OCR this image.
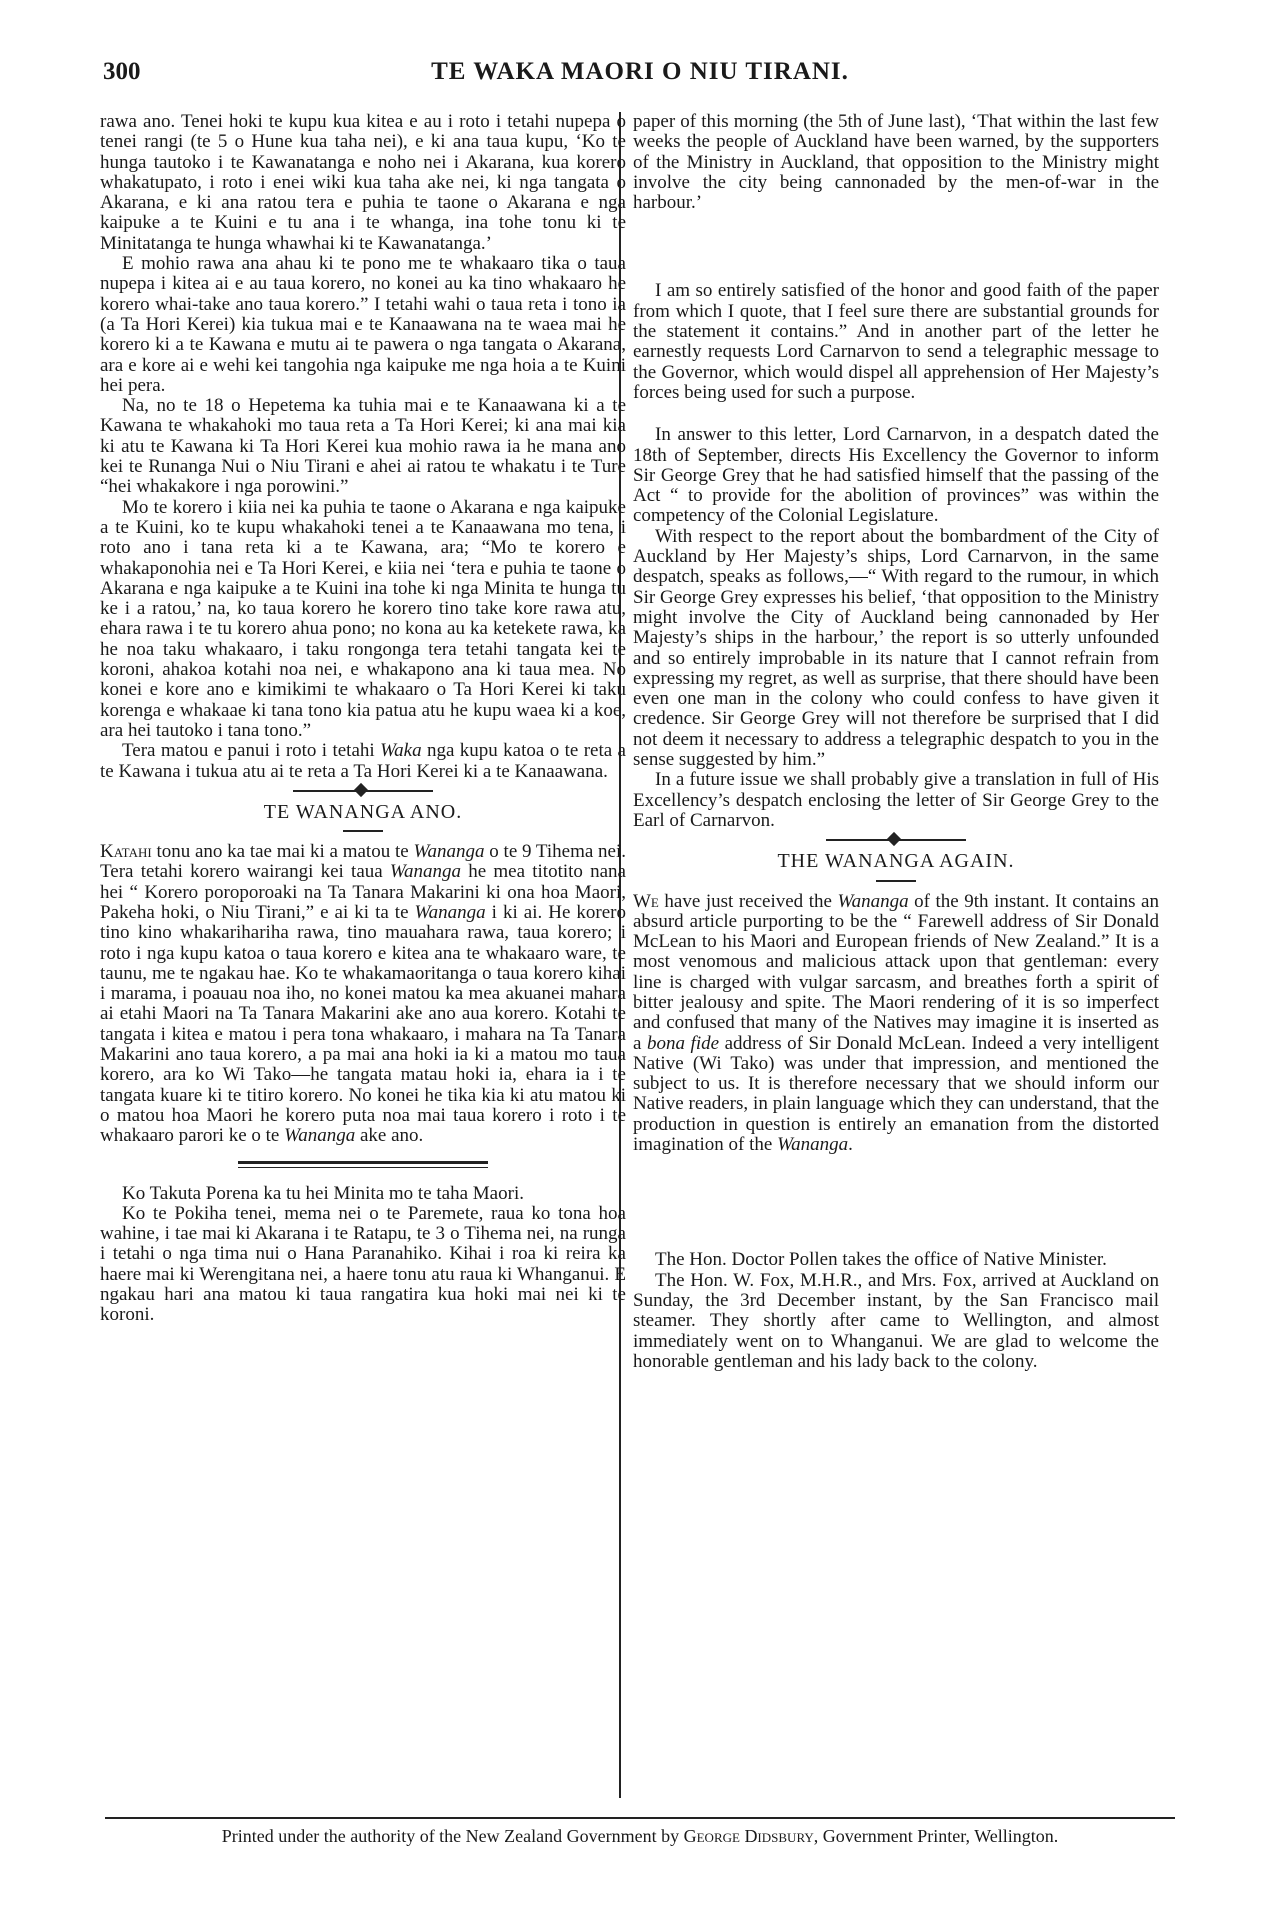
300	TE WAKA MAORI O NIU TIRANI.

rawa ano. Tenei hoki te kupu kua kitea e au i roto i tetahi nupepa o tenei rangi (te 5 o Hune kua taha nei), e ki ana taua kupu, ‘Ko te hunga tautoko i te Kawanatanga e noho nei i Akarana, kua korero whakatupato, i roto i enei wiki kua taha ake nei, ki nga tangata o Akarana, e ki ana ratou tera e puhia te taone o Akarana e nga kaipuke a te Kuini e tu ana i te whanga, ina tohe tonu ki te Minitatanga te hunga whawhai ki te Kawanatanga.’

E mohio rawa ana ahau ki te pono me te whakaaro tika o taua nupepa i kitea ai e au taua korero, no konei au ka tino whakaaro he korero whai-take ano taua korero.” I tetahi wahi o taua reta i tono ia (a Ta Hori Kerei) kia tukua mai e te Kanaawana na te waea mai he korero ki a te Kawana e mutu ai te pawera o nga tangata o Akarana, ara e kore ai e wehi kei tangohia nga kaipuke me nga hoia a te Kuini hei pera.

Na, no te 18 o Hepetema ka tuhia mai e te Kanaawana ki a te Kawana te whakahoki mo taua reta a Ta Hori Kerei; ki ana mai kia ki atu te Kawana ki Ta Hori Kerei kua mohio rawa ia he mana ano kei te Runanga Nui o Niu Tirani e ahei ai ratou te whakatu i te Ture “hei whakakore i nga porowini.”

Mo te korero i kiia nei ka puhia te taone o Akarana e nga kaipuke a te Kuini, ko te kupu whakahoki tenei a te Kanaawana mo tena, i roto ano i tana reta ki a te Kawana, ara; “Mo te korero e whakaponohia nei e Ta Hori Kerei, e kiia nei ‘tera e puhia te taone o Akarana e nga kaipuke a te Kuini ina tohe ki nga Minita te hunga tu ke i a ratou,’ na, ko taua korero he korero tino take kore rawa atu, ehara rawa i te tu korero ahua pono; no kona au ka ketekete rawa, ka he noa taku whakaaro, i taku rongonga tera tetahi tangata kei te koroni, ahakoa kotahi noa nei, e whakapono ana ki taua mea. No konei e kore ano e kimikimi te whakaaro o Ta Hori Kerei ki taku korenga e whakaae ki tana tono kia patua atu he kupu waea ki a koe, ara hei tautoko i tana tono.”

Tera matou e panui i roto i tetahi Waka nga kupu katoa o te reta a te Kawana i tukua atu ai te reta a Ta Hori Kerei ki a te Kanaawana.

TE WANANGA ANO.

Katahi tonu ano ka tae mai ki a matou te Wananga o te 9 Tihema nei. Tera tetahi korero wairangi kei taua Wananga he mea titotito nana hei “ Korero poroporoaki na Ta Tanara Makarini ki ona hoa Maori, Pakeha hoki, o Niu Tirani,” e ai ki ta te Wananga i ki ai. He korero tino kino whakarihariha rawa, tino mauahara rawa, taua korero; i roto i nga kupu katoa o taua korero e kitea ana te whakaaro ware, te taunu, me te ngakau hae. Ko te whakamaoritanga o taua korero kihai i marama, i poauau noa iho, no konei matou ka mea akuanei mahara ai etahi Maori na Ta Tanara Makarini ake ano aua korero. Kotahi te tangata i kitea e matou i pera tona whakaaro, i mahara na Ta Tanara Makarini ano taua korero, a pa mai ana hoki ia ki a matou mo taua korero, ara ko Wi Tako—he tangata matau hoki ia, ehara ia i te tangata kuare ki te titiro korero. No konei he tika kia ki atu matou ki o matou hoa Maori he korero puta noa mai taua korero i roto i te whakaaro parori ke o te Wananga ake ano.

Ko Takuta Porena ka tu hei Minita mo te taha Maori.

Ko te Pokiha tenei, mema nei o te Paremete, raua ko tona hoa wahine, i tae mai ki Akarana i te Ratapu, te 3 o Tihema nei, na runga i tetahi o nga tima nui o Hana Paranahiko. Kihai i roa ki reira ka haere mai ki Werengitana nei, a haere tonu atu raua ki Whanganui. E ngakau hari ana matou ki taua rangatira kua hoki mai nei ki te koroni.

paper of this morning (the 5th of June last), ‘That within the last few weeks the people of Auckland have been warned, by the supporters of the Ministry in Auckland, that opposition to the Ministry might involve the city being cannonaded by the men-of-war in the harbour.’

I am so entirely satisfied of the honor and good faith of the paper from which I quote, that I feel sure there are substantial grounds for the statement it contains.” And in another part of the letter he earnestly requests Lord Carnarvon to send a telegraphic message to the Governor, which would dispel all apprehension of Her Majesty’s forces being used for such a purpose.

In answer to this letter, Lord Carnarvon, in a despatch dated the 18th of September, directs His Excellency the Governor to inform Sir George Grey that he had satisfied himself that the passing of the Act “ to provide for the abolition of provinces” was within the competency of the Colonial Legislature.

With respect to the report about the bombardment of the City of Auckland by Her Majesty’s ships, Lord Carnarvon, in the same despatch, speaks as follows,—“ With regard to the rumour, in which Sir George Grey expresses his belief, ‘that opposition to the Ministry might involve the City of Auckland being cannonaded by Her Majesty’s ships in the harbour,’ the report is so utterly unfounded and so entirely improbable in its nature that I cannot refrain from expressing my regret, as well as surprise, that there should have been even one man in the colony who could confess to have given it credence. Sir George Grey will not therefore be surprised that I did not deem it necessary to address a telegraphic despatch to you in the sense suggested by him.”

In a future issue we shall probably give a translation in full of His Excellency’s despatch enclosing the letter of Sir George Grey to the Earl of Carnarvon.

THE WANANGA AGAIN.

We have just received the Wananga of the 9th instant. It contains an absurd article purporting to be the “ Farewell address of Sir Donald McLean to his Maori and European friends of New Zealand.” It is a most venomous and malicious attack upon that gentleman: every line is charged with vulgar sarcasm, and breathes forth a spirit of bitter jealousy and spite. The Maori rendering of it is so imperfect and confused that many of the Natives may imagine it is inserted as a bona fide address of Sir Donald McLean. Indeed a very intelligent Native (Wi Tako) was under that impression, and mentioned the subject to us. It is therefore necessary that we should inform our Native readers, in plain language which they can understand, that the production in question is entirely an emanation from the distorted imagination of the Wananga.

The Hon. Doctor Pollen takes the office of Native Minister.

The Hon. W. Fox, M.H.R., and Mrs. Fox, arrived at Auckland on Sunday, the 3rd December instant, by the San Francisco mail steamer. They shortly after came to Wellington, and almost immediately went on to Whanganui. We are glad to welcome the honorable gentleman and his lady back to the colony.

Printed under the authority of the New Zealand Government by George Didsbury, Government Printer, Wellington.
